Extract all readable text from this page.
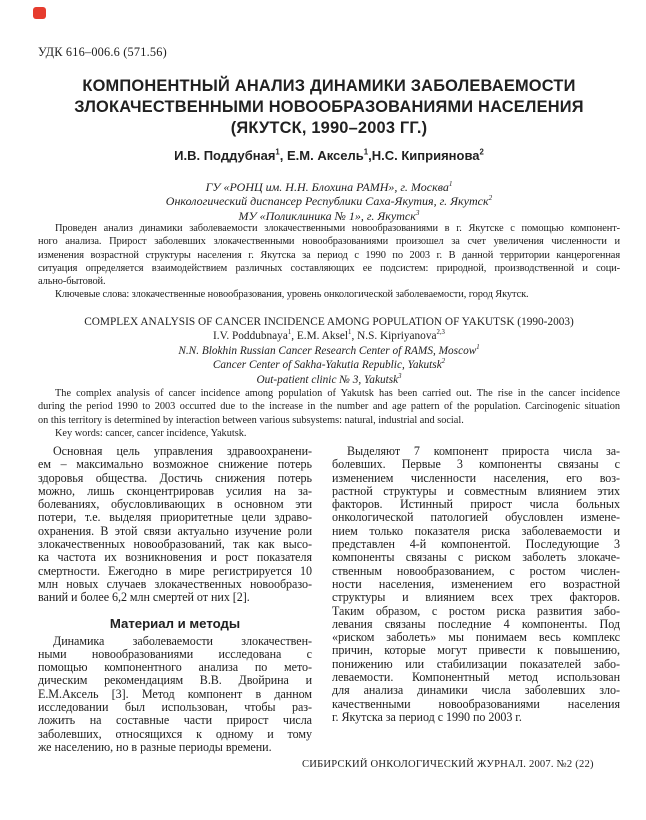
УДК 616–006.6 (571.56)
КОМПОНЕНТНЫЙ АНАЛИЗ ДИНАМИКИ ЗАБОЛЕВАЕМОСТИ
ЗЛОКАЧЕСТВЕННЫМИ НОВООБРАЗОВАНИЯМИ НАСЕЛЕНИЯ
(ЯКУТСК, 1990–2003 ГГ.)
И.В. Поддубная$^1$, Е.М. Аксель$^1$,Н.С. Киприянова$^2$
ГУ «РОНЦ им. Н.Н. Блохина РАМН», г. Москва$^1$
Онкологический диспансер Республики Саха-Якутия, г. Якутск$^2$
МУ «Поликлиника № 1», г. Якутск$^3$
Проведен анализ динамики заболеваемости злокачественными новообразованиями в г. Якутске с помощью компонент-
ного анализа. Прирост заболевших злокачественными новообразованиями произошел за счет увеличения численности и
изменения возрастной структуры населения г. Якутска за период с 1990 по 2003 г. В данной территории канцерогенная
ситуация определяется взаимодействием различных составляющих ее подсистем: природной, производственной и соци-
ально-бытовой.
Ключевые слова: злокачественные новообразования, уровень онкологической заболеваемости, город Якутск.
COMPLEX ANALYSIS OF CANCER INCIDENCE AMONG POPULATION OF YAKUTSK (1990-2003)
I.V. Poddubnaya$^1$, E.M. Aksel$^1$, N.S. Kipriyanova$^{2,3}$
N.N. Blokhin Russian Cancer Research Center of RAMS, Moscow$^1$
Cancer Center of Sakha-Yakutia Republic, Yakutsk$^2$
Out-patient clinic № 3, Yakutsk$^3$
The complex analysis of cancer incidence among population of Yakutsk has been carried out. The rise in the cancer incidence
during the period 1990 to 2003 occurred due to the increase in the number and age pattern of the population. Carcinogenic situation
on this territory is determined by interaction between various subsystems: natural, industrial and social.
Key words: cancer, cancer incidence, Yakutsk.
Основная цель управления здравоохранени-
ем – максимально возможное снижение потерь
здоровья общества. Достичь снижения потерь
можно, лишь сконцентрировав усилия на за-
болеваниях, обусловливающих в основном эти
потери, т.е. выделяя приоритетные цели здраво-
охранения. В этой связи актуально изучение роли
злокачественных новообразований, так как высо-
ка частота их возникновения и рост показателя
смертности. Ежегодно в мире регистрируется 10
млн новых случаев злокачественных новообразо-
ваний и более 6,2 млн смертей от них [2].
Материал и методы
Динамика заболеваемости злокачествен-
ными новообразованиями исследована с
помощью компонентного анализа по мето-
дическим рекомендациям В.В. Двойрина и
Е.М.Аксель [3]. Метод компонент в данном
исследовании был использован, чтобы раз-
ложить на составные части прирост числа
заболевших, относящихся к одному и тому
же населению, но в разные периоды времени.
Выделяют 7 компонент прироста числа за-
болевших. Первые 3 компоненты связаны с
изменением численности населения, его воз-
растной структуры и совместным влиянием этих
факторов. Истинный прирост числа больных
онкологической патологией обусловлен измене-
нием только показателя риска заболеваемости и
представлен 4-й компонентой. Последующие 3
компоненты связаны с риском заболеть злокаче-
ственным новообразованием, с ростом числен-
ности населения, изменением его возрастной
структуры и влиянием всех трех факторов.
Таким образом, с ростом риска развития забо-
левания связаны последние 4 компоненты. Под
«риском заболеть» мы понимаем весь комплекс
причин, которые могут привести к повышению,
понижению или стабилизации показателей забо-
леваемости. Компонентный метод использован
для анализа динамики числа заболевших зло-
качественными новообразованиями населения
г. Якутска за период с 1990 по 2003 г.
СИБИРСКИЙ ОНКОЛОГИЧЕСКИЙ ЖУРНАЛ. 2007. №2 (22)
